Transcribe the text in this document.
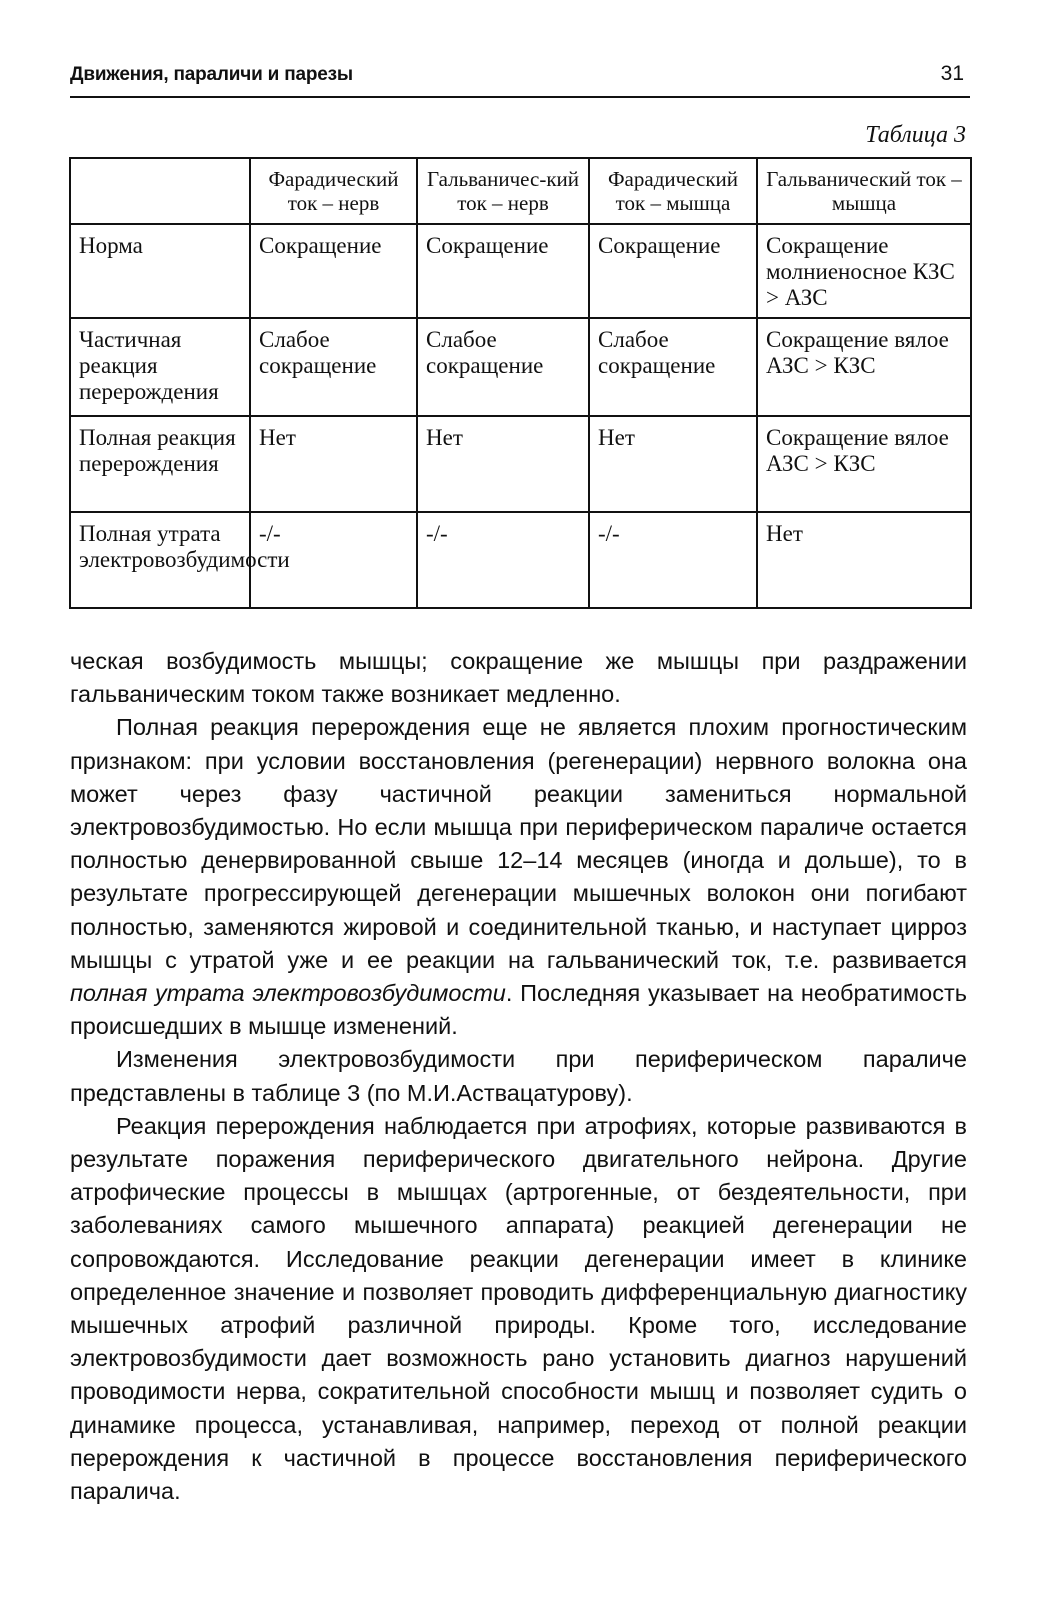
Движения, параличи и парезы	31
Таблица 3
	Фарадический ток – нерв	Гальваничес-кий ток – нерв	Фарадический ток – мышца	Гальванический ток – мышца
Норма	Сокращение	Сокращение	Сокращение	Сокращение молниеносное КЗС > АЗС
Частичная реакция перерождения	Слабое сокращение	Слабое сокращение	Слабое сокращение	Сокращение вялое АЗС > КЗС
Полная реакция перерождения	Нет	Нет	Нет	Сокращение вялое АЗС > КЗС
Полная утрата электровозбудимости	-/-	-/-	-/-	Нет

ческая возбудимость мышцы; сокращение же мышцы при раздражении гальваническим током также возникает медленно.

Полная реакция перерождения еще не является плохим прогностическим признаком: при условии восстановления (регенерации) нервного волокна она может через фазу частичной реакции замениться нормальной электровозбудимостью. Но если мышца при периферическом параличе остается полностью денервированной свыше 12–14 месяцев (иногда и дольше), то в результате прогрессирующей дегенерации мышечных волокон они погибают полностью, заменяются жировой и соединительной тканью, и наступает цирроз мышцы с утратой уже и ее реакции на гальванический ток, т.е. развивается полная утрата электровозбудимости. Последняя указывает на необратимость происшедших в мышце изменений.

Изменения электровозбудимости при периферическом параличе представлены в таблице 3 (по М.И.Аствацатурову).

Реакция перерождения наблюдается при атрофиях, которые развиваются в результате поражения периферического двигательного нейрона. Другие атрофические процессы в мышцах (артрогенные, от бездеятельности, при заболеваниях самого мышечного аппарата) реакцией дегенерации не сопровождаются. Исследование реакции дегенерации имеет в клинике определенное значение и позволяет проводить дифференциальную диагностику мышечных атрофий различной природы. Кроме того, исследование электровозбудимости дает возможность рано установить диагноз нарушений проводимости нерва, сократительной способности мышц и позволяет судить о динамике процесса, устанавливая, например, переход от полной реакции перерождения к частичной в процессе восстановления периферического паралича.
